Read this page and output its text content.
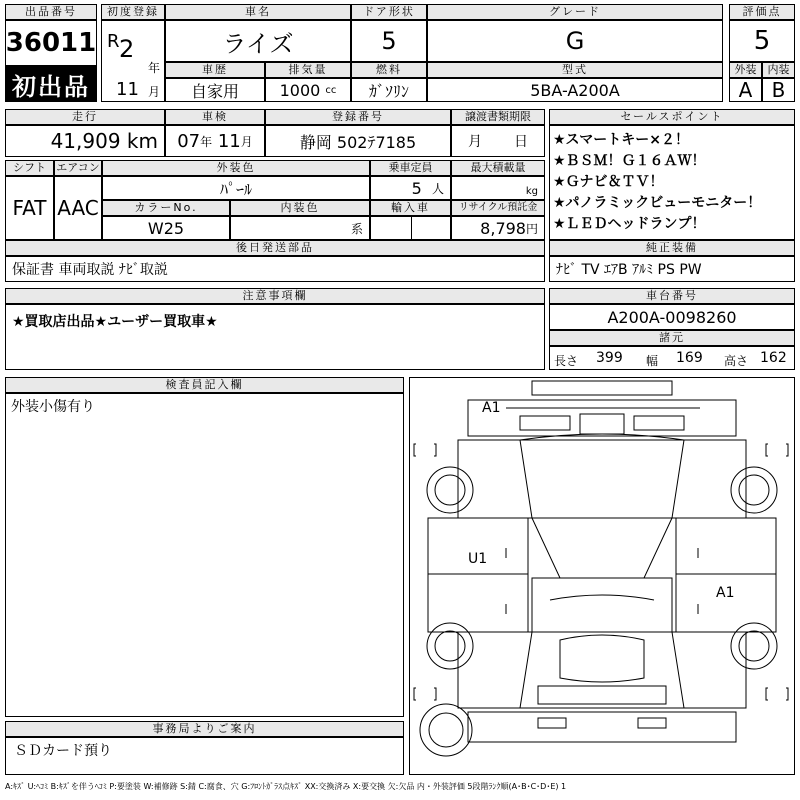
出品番号
36011
初出品
初度登録
R 2
年
11 月
車名
ライズ
ドア形状
5
グレード
G
評価点
5
外装	内装
A B
車歴
自家用
排気量
1000
cc
燃料
ｶﾞｿﾘﾝ
型式
5BA-A200A
走行
41,909
km
車検
07 年
11 月
登録番号
静岡 502ﾃ7185
譲渡書類期限
月 日
シフト
FAT
エアコン
AAC
外装色
ﾊﾟｰﾙ
乗車定員
5
人
最大積載量
kg
カラーNo.
W25
内装色
系
輸入車	リサイクル預託金
8,798 円
セールスポイント
★スマートキー×２！
★ＢＳＭ！Ｇ１６ＡＷ！
★Ｇナビ＆ＴＶ！
★パノラミックビューモニター！
★ＬＥＤヘッドランプ！
後日発送部品
保証書 車両取説 ﾅﾋﾞ取説
純正装備
ﾅﾋﾞ TV ｴｱB ｱﾙﾐ PS PW
注意事項欄
★買取店出品★ユーザー買取車★
車台番号
A200A-0098260
諸元
長さ 399 幅 169 高さ 162
検査員記入欄
外装小傷有り
事務局よりご案内
ＳＤカード預り
A1
U1
A1
A:ｷｽﾞ U:ﾍｺﾐ B:ｷｽﾞを伴うﾍｺﾐ P:要塗装 W:補修跡 S:錆 C:腐食、穴 G:ﾌﾛﾝﾄｶﾞﾗｽ点ｷｽﾞ XX:交換済み X:要交換 欠:欠品 内・外装評価 5段階ﾗﾝｸ順(A･B･C･D･E) 1
